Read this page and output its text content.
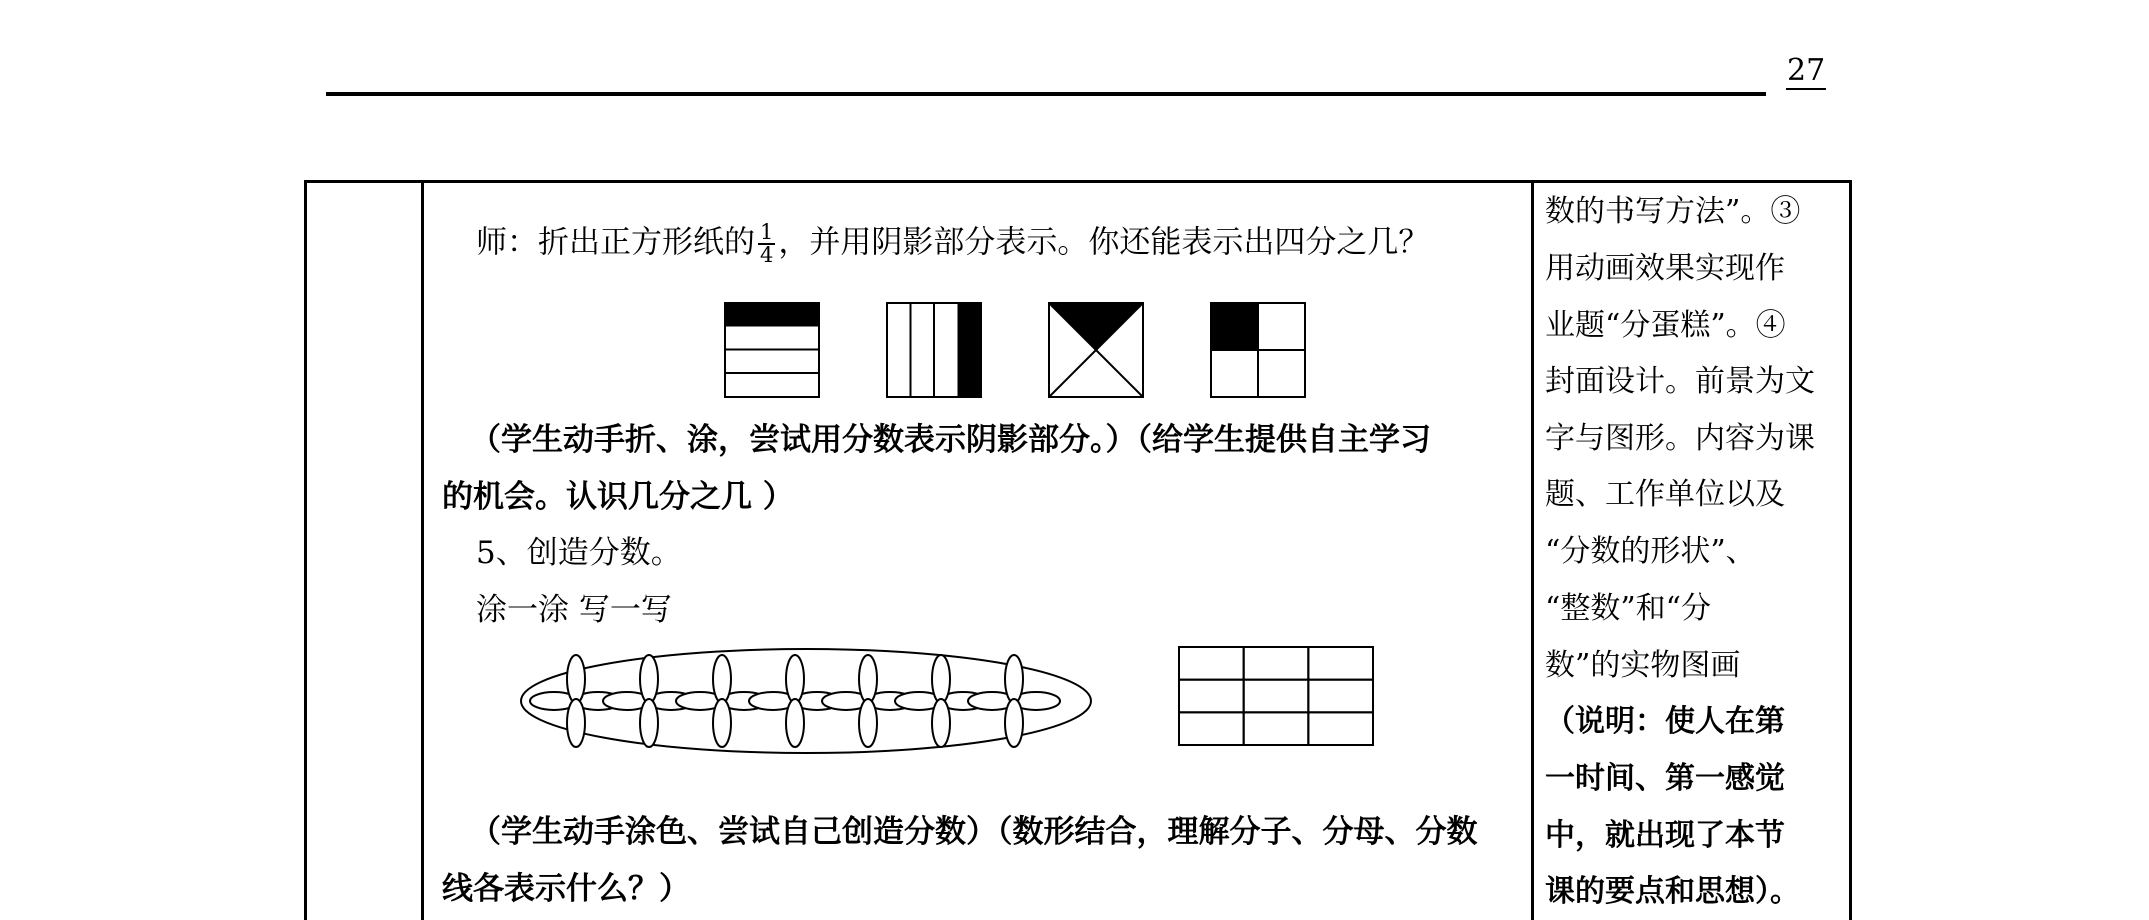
27
师：折出正方形纸的 $\frac{1}{4}$ ，并用阴影部分表示。你还能表示出四分之几？
（学生动手折、涂，尝试用分数表示阴影部分。）（给学生提供自主学习
的机会。认识几分之几 ）
5、创造分数。
涂一涂 写一写
（学生动手涂色、尝试自己创造分数）（数形结合，理解分子、分母、分数
线各表示什么？）
数的书写方法”。③
用动画效果实现作
业题“分蛋糕”。④
封面设计。前景为文
字与图形。内容为课
题、工作单位以及
“分数的形状”、
“整数”和“分
数”的实物图画
（说明：使人在第
一时间、第一感觉
中，就出现了本节
课的要点和思想）。
